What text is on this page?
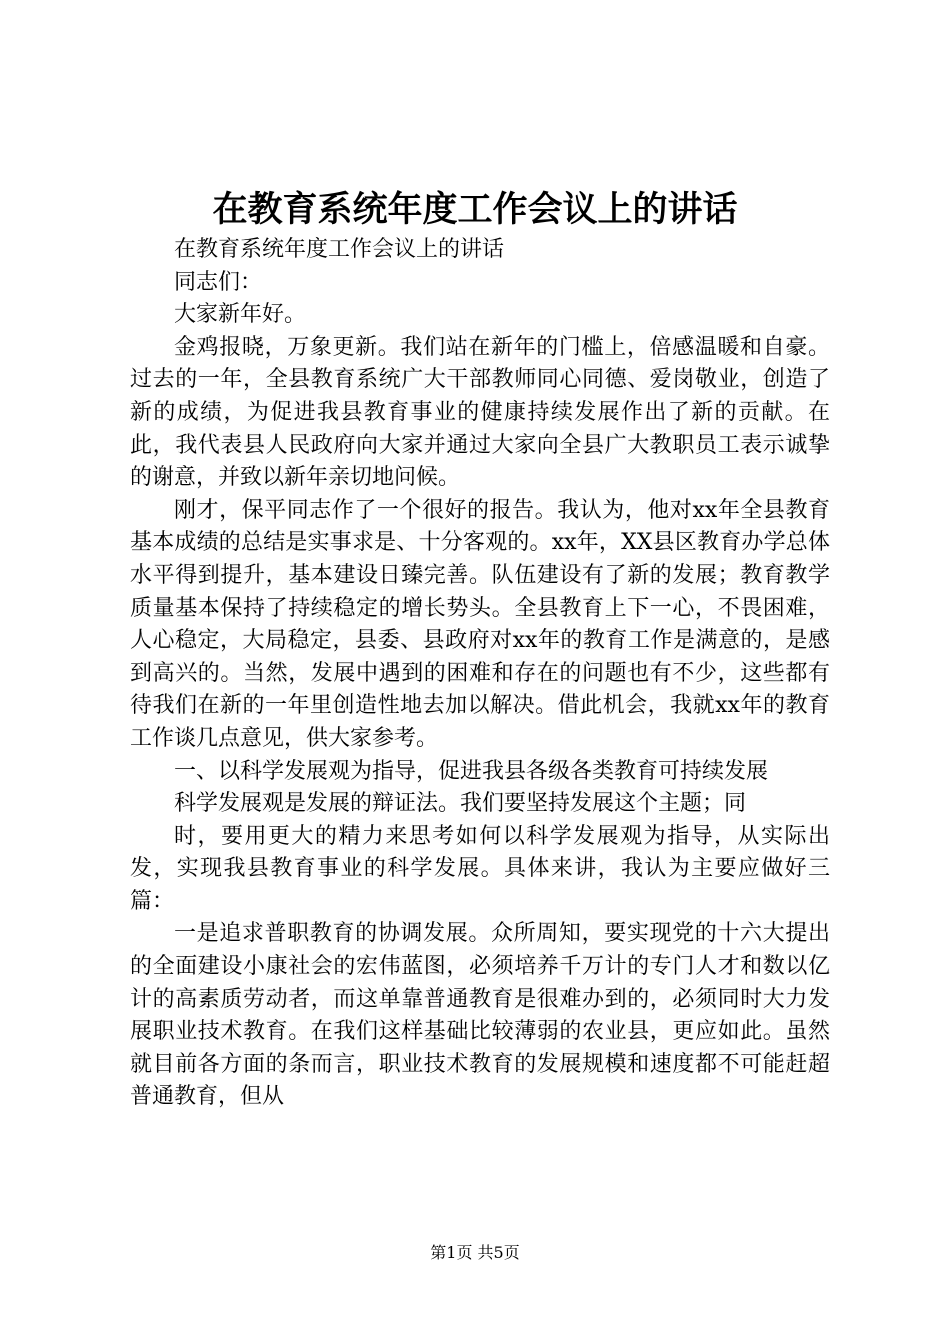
在教育系统年度工作会议上的讲话

在教育系统年度工作会议上的讲话

同志们：

大家新年好。

金鸡报晓，万象更新。我们站在新年的门槛上，倍感温暖和自豪。过去的一年，全县教育系统广大干部教师同心同德、爱岗敬业，创造了新的成绩，为促进我县教育事业的健康持续发展作出了新的贡献。在此，我代表县人民政府向大家并通过大家向全县广大教职员工表示诚挚的谢意，并致以新年亲切地问候。

刚才，保平同志作了一个很好的报告。我认为，他对xx年全县教育基本成绩的总结是实事求是、十分客观的。xx年，XX县区教育办学总体水平得到提升，基本建设日臻完善。队伍建设有了新的发展；教育教学质量基本保持了持续稳定的增长势头。全县教育上下一心，不畏困难，人心稳定，大局稳定，县委、县政府对xx年的教育工作是满意的，是感到高兴的。当然，发展中遇到的困难和存在的问题也有不少，这些都有待我们在新的一年里创造性地去加以解决。借此机会，我就xx年的教育工作谈几点意见，供大家参考。

一、以科学发展观为指导，促进我县各级各类教育可持续发展

科学发展观是发展的辩证法。我们要坚持发展这个主题；同

时，要用更大的精力来思考如何以科学发展观为指导，从实际出发，实现我县教育事业的科学发展。具体来讲，我认为主要应做好三篇：

一是追求普职教育的协调发展。众所周知，要实现党的十六大提出的全面建设小康社会的宏伟蓝图，必须培养千万计的专门人才和数以亿计的高素质劳动者，而这单靠普通教育是很难办到的，必须同时大力发展职业技术教育。在我们这样基础比较薄弱的农业县，更应如此。虽然就目前各方面的条而言，职业技术教育的发展规模和速度都不可能赶超普通教育，但从

第1页 共5页
